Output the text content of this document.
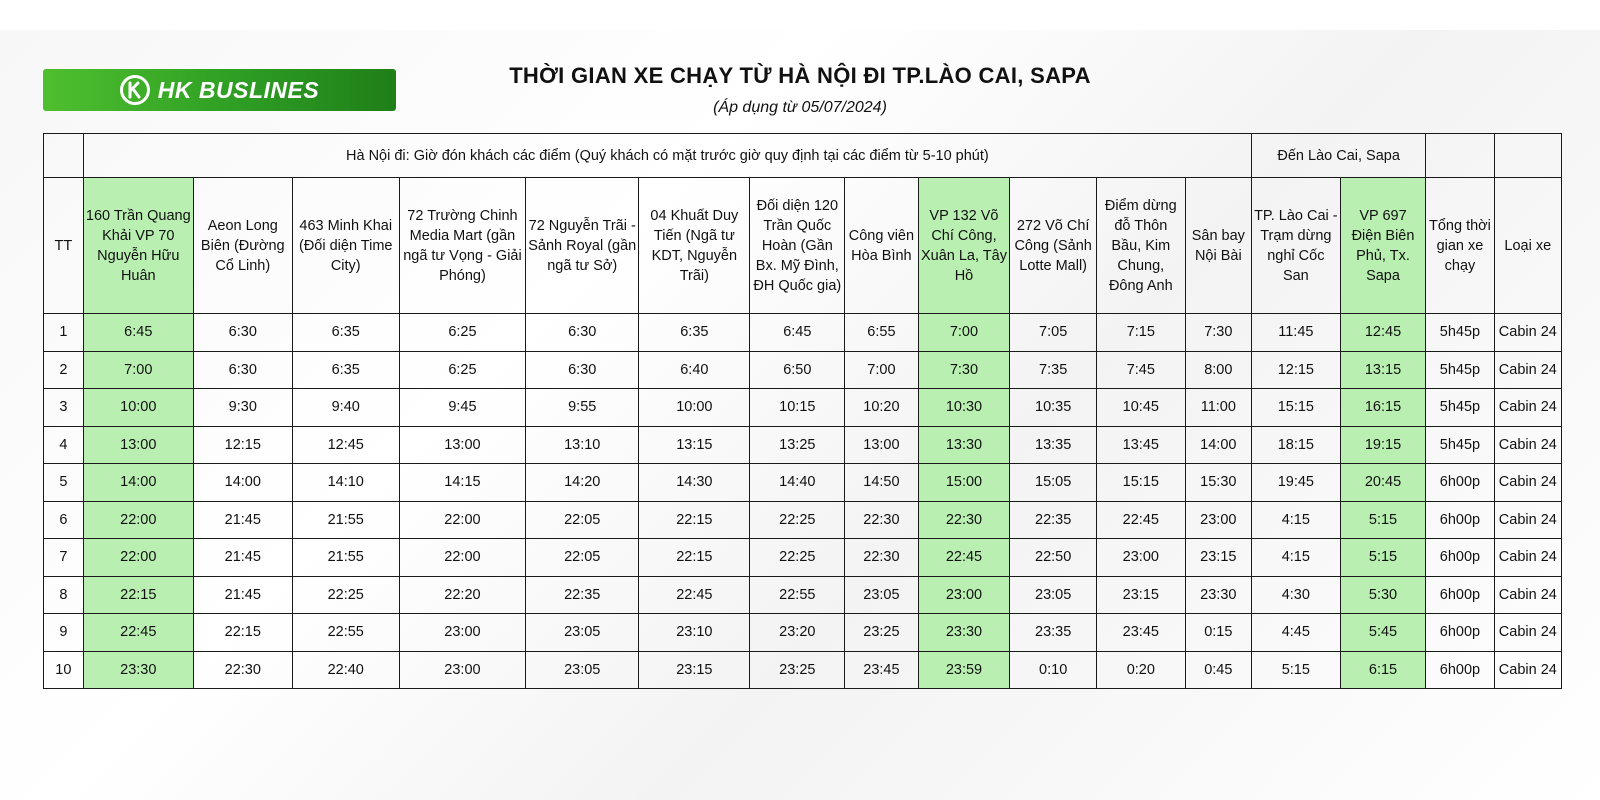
HK BUSLINES
THỜI GIAN XE CHẠY TỪ HÀ NỘI ĐI TP.LÀO CAI, SAPA
(Áp dụng từ 05/07/2024)
	Hà Nội đi: Giờ đón khách các điểm (Quý khách có mặt trước giờ quy định tại các điểm từ 5-10 phút)												Đến Lào Cai, Sapa			
TT	160 Trần Quang Khải VP 70 Nguyễn Hữu Huân	Aeon Long Biên (Đường Cổ Linh)	463 Minh Khai (Đối diện Time City)	72 Trường Chinh Media Mart (gần ngã tư Vọng - Giải Phóng)	72 Nguyễn Trãi - Sảnh Royal (gần ngã tư Sở)	04 Khuất Duy Tiến (Ngã tư KDT, Nguyễn Trãi)	Đối diện 120 Trần Quốc Hoàn (Gần Bx. Mỹ Đình, ĐH Quốc gia)	Công viên Hòa Bình	VP 132 Võ Chí Công, Xuân La, Tây Hồ	272 Võ Chí Công (Sảnh Lotte Mall)	Điểm dừng đỗ Thôn Bầu, Kim Chung, Đông Anh	Sân bay Nội Bài	TP. Lào Cai - Trạm dừng nghỉ Cốc San	VP 697 Điện Biên Phủ, Tx. Sapa	Tổng thời gian xe chạy	Loại xe
1	6:45	6:30	6:35	6:25	6:30	6:35	6:45	6:55	7:00	7:05	7:15	7:30	11:45	12:45	5h45p	Cabin 24
2	7:00	6:30	6:35	6:25	6:30	6:40	6:50	7:00	7:30	7:35	7:45	8:00	12:15	13:15	5h45p	Cabin 24
3	10:00	9:30	9:40	9:45	9:55	10:00	10:15	10:20	10:30	10:35	10:45	11:00	15:15	16:15	5h45p	Cabin 24
4	13:00	12:15	12:45	13:00	13:10	13:15	13:25	13:00	13:30	13:35	13:45	14:00	18:15	19:15	5h45p	Cabin 24
5	14:00	14:00	14:10	14:15	14:20	14:30	14:40	14:50	15:00	15:05	15:15	15:30	19:45	20:45	6h00p	Cabin 24
6	22:00	21:45	21:55	22:00	22:05	22:15	22:25	22:30	22:30	22:35	22:45	23:00	4:15	5:15	6h00p	Cabin 24
7	22:00	21:45	21:55	22:00	22:05	22:15	22:25	22:30	22:45	22:50	23:00	23:15	4:15	5:15	6h00p	Cabin 24
8	22:15	21:45	22:25	22:20	22:35	22:45	22:55	23:05	23:00	23:05	23:15	23:30	4:30	5:30	6h00p	Cabin 24
9	22:45	22:15	22:55	23:00	23:05	23:10	23:20	23:25	23:30	23:35	23:45	0:15	4:45	5:45	6h00p	Cabin 24
10	23:30	22:30	22:40	23:00	23:05	23:15	23:25	23:45	23:59	0:10	0:20	0:45	5:15	6:15	6h00p	Cabin 24
